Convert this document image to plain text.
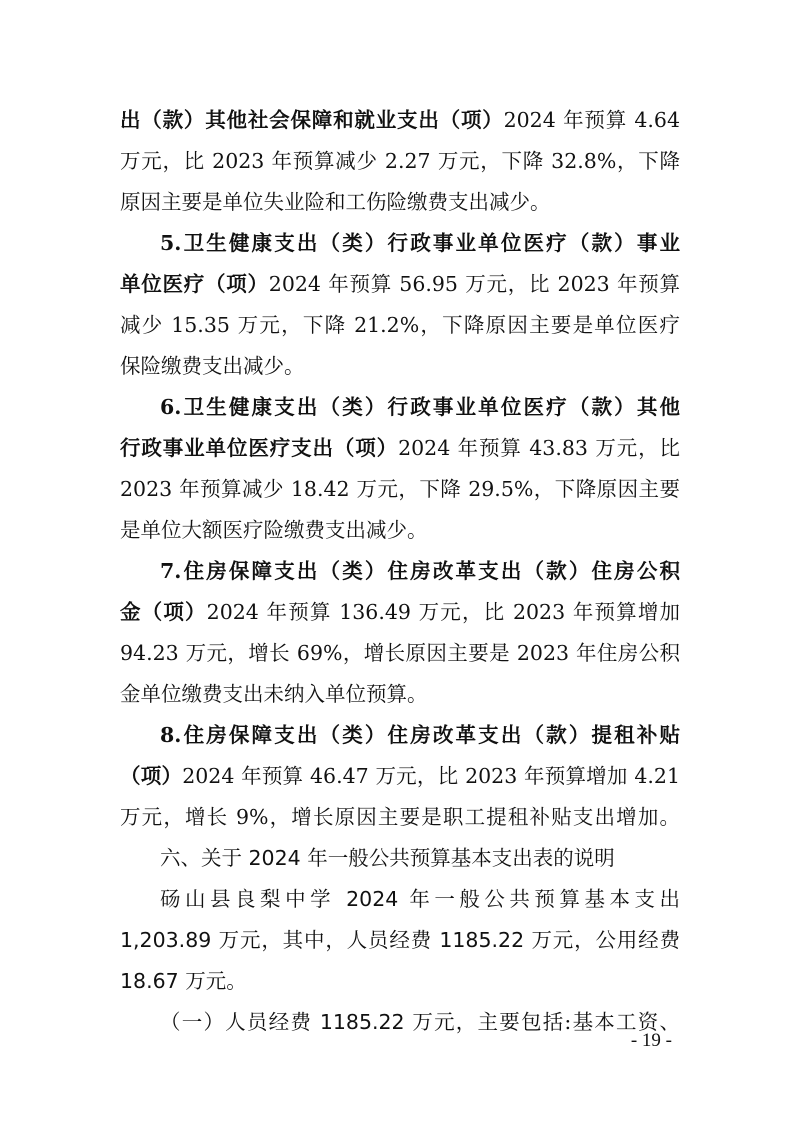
出（款）其他社会保障和就业支出（项）2024 年预算 4.64
万元，比 2023 年预算减少 2.27 万元，下降 32.8%，下降
原因主要是单位失业险和工伤险缴费支出减少。
5.卫生健康支出（类）行政事业单位医疗（款）事业
单位医疗（项）2024 年预算 56.95 万元，比 2023 年预算
减少 15.35 万元，下降 21.2%，下降原因主要是单位医疗
保险缴费支出减少。
6.卫生健康支出（类）行政事业单位医疗（款）其他
行政事业单位医疗支出（项）2024 年预算 43.83 万元，比
2023 年预算减少 18.42 万元，下降 29.5%，下降原因主要
是单位大额医疗险缴费支出减少。
7.住房保障支出（类）住房改革支出（款）住房公积
金（项）2024 年预算 136.49 万元，比 2023 年预算增加
94.23 万元，增长 69%，增长原因主要是 2023 年住房公积
金单位缴费支出未纳入单位预算。
8.住房保障支出（类）住房改革支出（款）提租补贴
（项）2024 年预算 46.47 万元，比 2023 年预算增加 4.21
万元，增长 9%，增长原因主要是职工提租补贴支出增加。
六、关于 2024 年一般公共预算基本支出表的说明
砀山县良梨中学 2024 年一般公共预算基本支出
1,203.89 万元，其中，人员经费 1185.22 万元，公用经费
18.67 万元。
（一）人员经费 1185.22 万元，主要包括:基本工资、
- 19 -
